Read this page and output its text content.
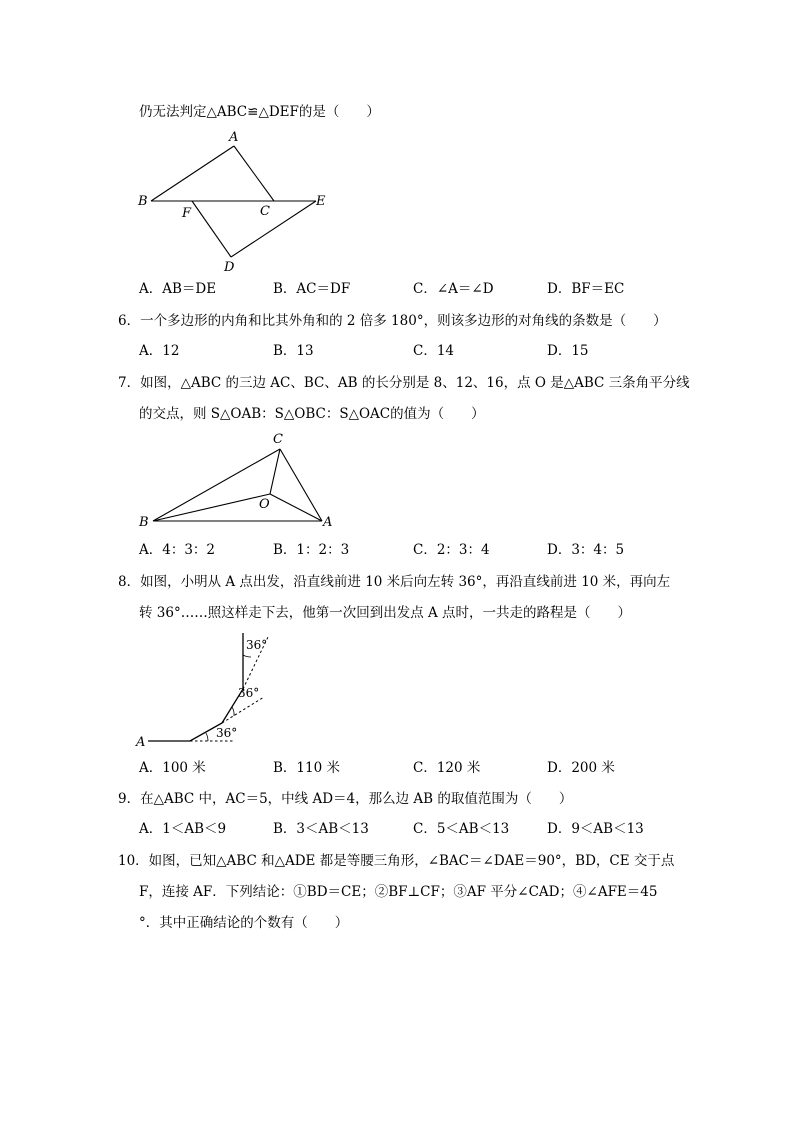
仍无法判定△ABC≌△DEF的是（　　）
A
B
F	C
E
D
A．AB＝DE	B．AC＝DF	C．∠A＝∠D	D．BF＝EC
6．一个多边形的内角和比其外角和的 2 倍多 180°，则该多边形的对角线的条数是（　　）
A．12	B．13	C．14	D．15
7．如图，△ABC 的三边 AC、BC、AB 的长分别是 8、12、16，点 O 是△ABC 三条角平分线
的交点，则 S△OAB：S△OBC：S△OAC的值为（　　）
C
O
B	A
A．4：3：2	B．1：2：3	C．2：3：4	D．3：4：5
8．如图，小明从 A 点出发，沿直线前进 10 米后向左转 36°，再沿直线前进 10 米，再向左
转 36°……照这样走下去，他第一次回到出发点 A 点时，一共走的路程是（　　）
A
36°
36°
36°
A．100 米	B．110 米	C．120 米	D．200 米
9．在△ABC 中，AC＝5，中线 AD＝4，那么边 AB 的取值范围为（　　）
A．1＜AB＜9	B．3＜AB＜13	C．5＜AB＜13	D．9＜AB＜13
10．如图，已知△ABC 和△ADE 都是等腰三角形，∠BAC＝∠DAE＝90°，BD，CE 交于点
F，连接 AF．下列结论：①BD＝CE；②BF⊥CF；③AF 平分∠CAD；④∠AFE＝45
°．其中正确结论的个数有（　　）
